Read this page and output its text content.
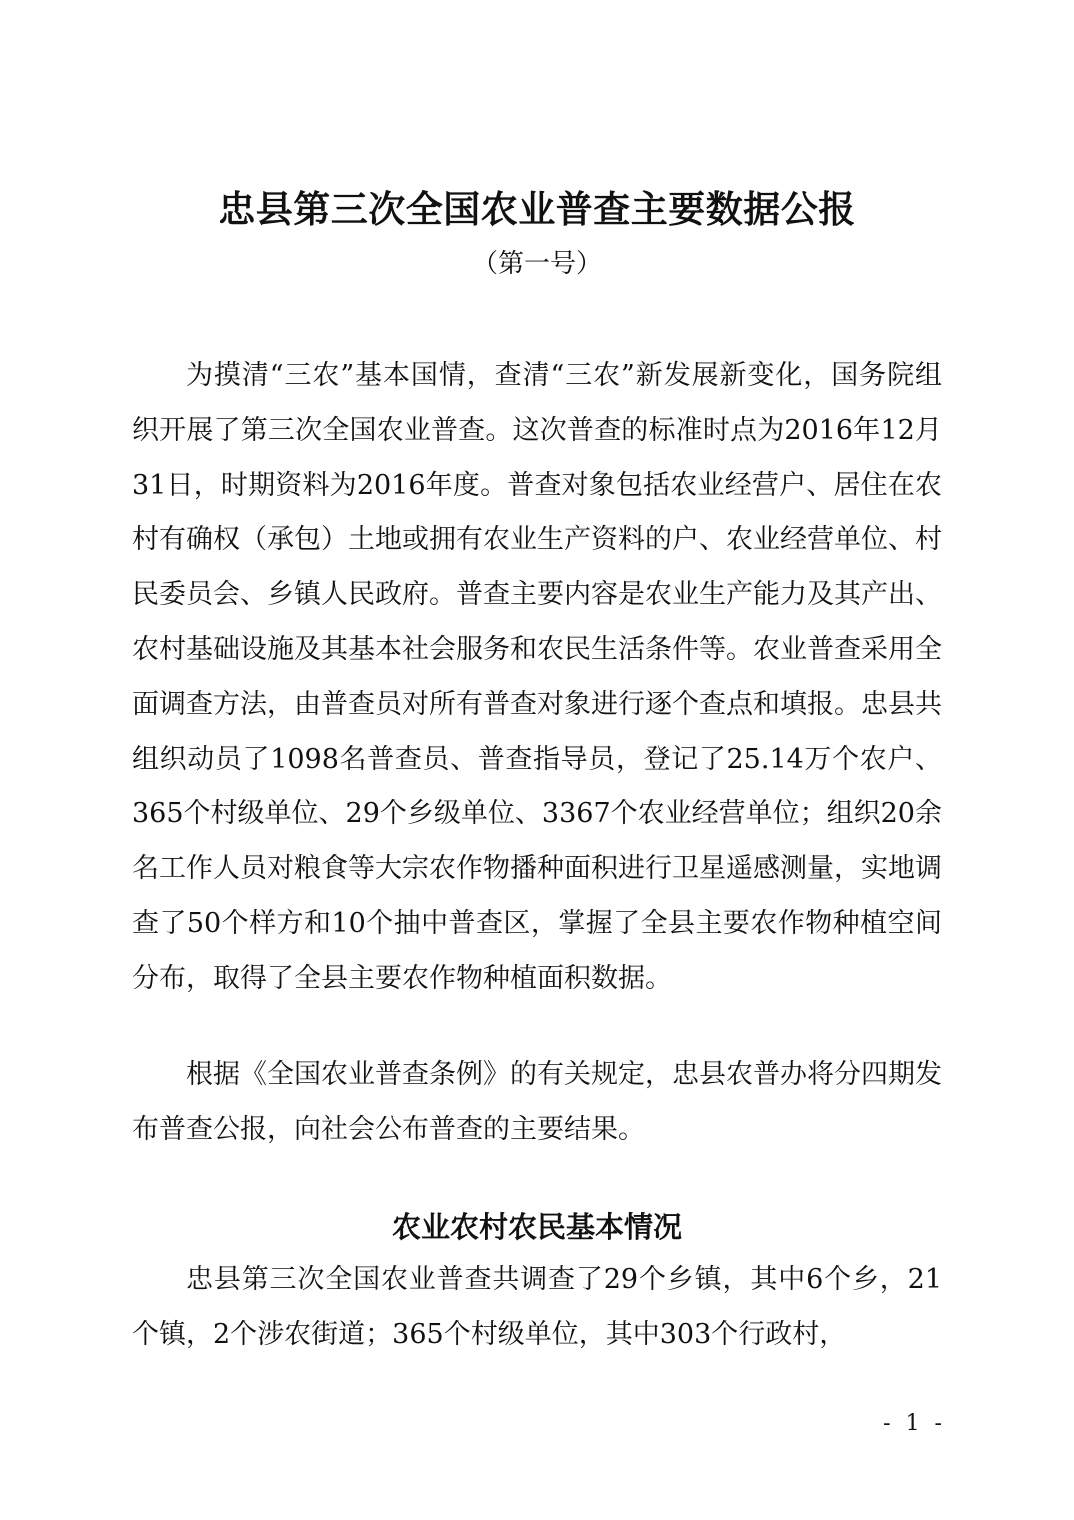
忠县第三次全国农业普查主要数据公报
（第一号）

为摸清“三农”基本国情，查清“三农”新发展新变化，国务院组织开展了第三次全国农业普查。这次普查的标准时点为2016年12月31日，时期资料为2016年度。普查对象包括农业经营户、居住在农村有确权（承包）土地或拥有农业生产资料的户、农业经营单位、村民委员会、乡镇人民政府。普查主要内容是农业生产能力及其产出、农村基础设施及其基本社会服务和农民生活条件等。农业普查采用全面调查方法，由普查员对所有普查对象进行逐个查点和填报。忠县共组织动员了1098名普查员、普查指导员，登记了25.14万个农户、365个村级单位、29个乡级单位、3367个农业经营单位；组织20余名工作人员对粮食等大宗农作物播种面积进行卫星遥感测量，实地调查了50个样方和10个抽中普查区，掌握了全县主要农作物种植空间分布，取得了全县主要农作物种植面积数据。

根据《全国农业普查条例》的有关规定，忠县农普办将分四期发布普查公报，向社会公布普查的主要结果。

农业农村农民基本情况

忠县第三次全国农业普查共调查了29个乡镇，其中6个乡，21个镇，2个涉农街道；365个村级单位，其中303个行政村，

- 1 -
